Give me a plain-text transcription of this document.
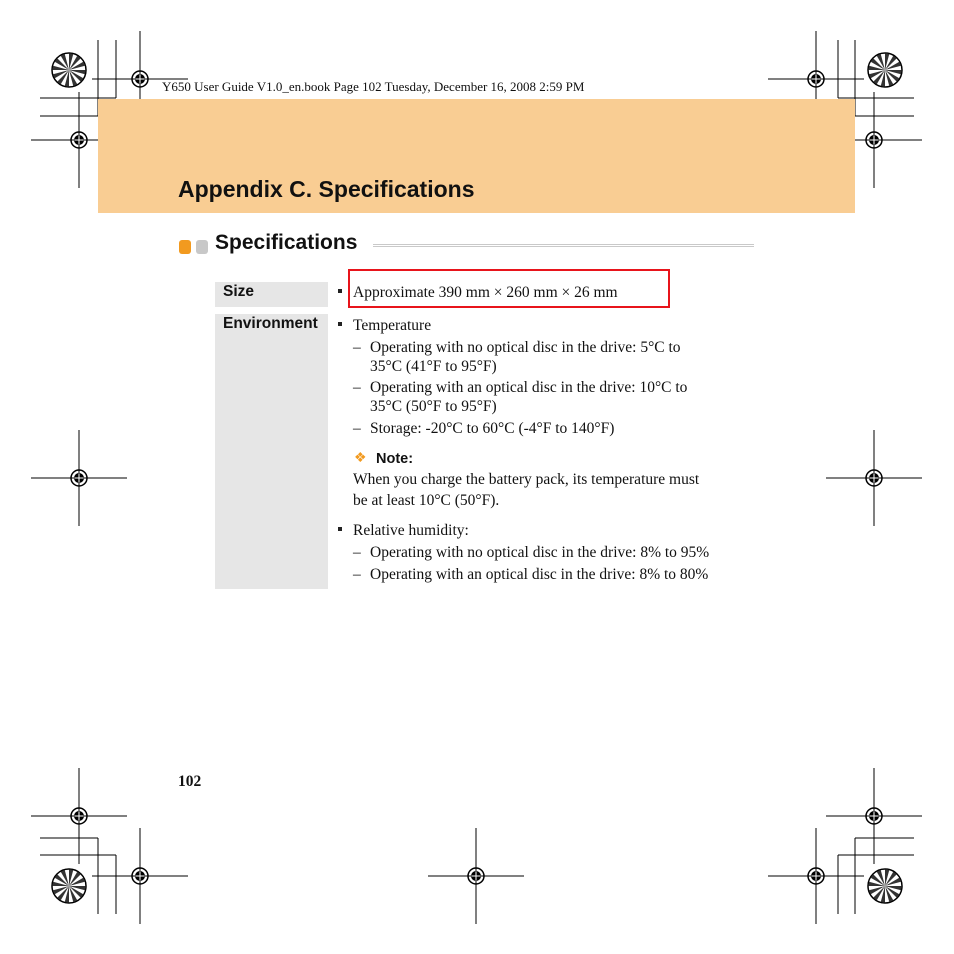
Y650 User Guide V1.0_en.book Page 102 Tuesday, December 16, 2008 2:59 PM
Appendix C. Specifications
Specifications
Size	Approximate 390 mm × 260 mm × 26 mm
Environment Temperature
– Operating with no optical disc in the drive: 5°C to
35°C (41°F to 95°F)
– Operating with an optical disc in the drive: 10°C to
35°C (50°F to 95°F)
– Storage: -20°C to 60°C (-4°F to 140°F)
❖ Note:
When you charge the battery pack, its temperature must
be at least 10°C (50°F).
Relative humidity:
– Operating with no optical disc in the drive: 8% to 95%
– Operating with an optical disc in the drive: 8% to 80%
102
